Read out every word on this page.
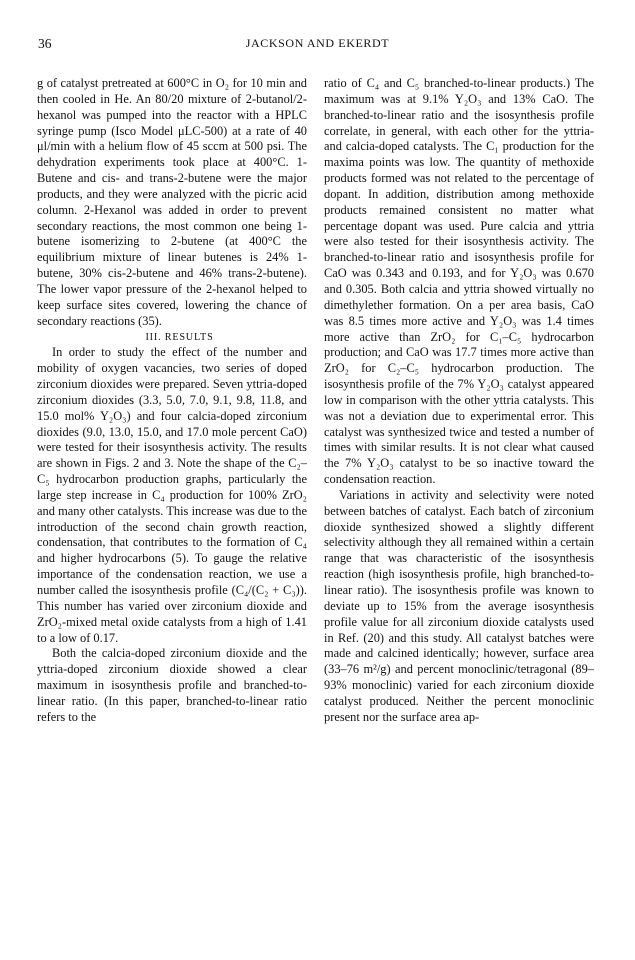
36	JACKSON AND EKERDT

g of catalyst pretreated at 600°C in O₂ for 10 min and then cooled in He. An 80/20 mixture of 2-butanol/2-hexanol was pumped into the reactor with a HPLC syringe pump (Isco Model μLC-500) at a rate of 40 μl/min with a helium flow of 45 sccm at 500 psi. The dehydration experiments took place at 400°C. 1-Butene and cis- and trans-2-butene were the major products, and they were analyzed with the picric acid column. 2-Hexanol was added in order to prevent secondary reactions, the most common one being 1-butene isomerizing to 2-butene (at 400°C the equilibrium mixture of linear butenes is 24% 1-butene, 30% cis-2-butene and 46% trans-2-butene). The lower vapor pressure of the 2-hexanol helped to keep surface sites covered, lowering the chance of secondary reactions (35).

III. RESULTS

In order to study the effect of the number and mobility of oxygen vacancies, two series of doped zirconium dioxides were prepared. Seven yttria-doped zirconium dioxides (3.3, 5.0, 7.0, 9.1, 9.8, 11.8, and 15.0 mol% Y₂O₃) and four calcia-doped zirconium dioxides (9.0, 13.0, 15.0, and 17.0 mole percent CaO) were tested for their isosynthesis activity. The results are shown in Figs. 2 and 3. Note the shape of the C₂–C₅ hydrocarbon production graphs, particularly the large step increase in C₄ production for 100% ZrO₂ and many other catalysts. This increase was due to the introduction of the second chain growth reaction, condensation, that contributes to the formation of C₄ and higher hydrocarbons (5). To gauge the relative importance of the condensation reaction, we use a number called the isosynthesis profile (C₄/(C₂ + C₃)). This number has varied over zirconium dioxide and ZrO₂-mixed metal oxide catalysts from a high of 1.41 to a low of 0.17.

Both the calcia-doped zirconium dioxide and the yttria-doped zirconium dioxide showed a clear maximum in isosynthesis profile and branched-to-linear ratio. (In this paper, branched-to-linear ratio refers to the

ratio of C₄ and C₅ branched-to-linear products.) The maximum was at 9.1% Y₂O₃ and 13% CaO. The branched-to-linear ratio and the isosynthesis profile correlate, in general, with each other for the yttria- and calcia-doped catalysts. The C₁ production for the maxima points was low. The quantity of methoxide products formed was not related to the percentage of dopant. In addition, distribution among methoxide products remained consistent no matter what percentage dopant was used. Pure calcia and yttria were also tested for their isosynthesis activity. The branched-to-linear ratio and isosynthesis profile for CaO was 0.343 and 0.193, and for Y₂O₃ was 0.670 and 0.305. Both calcia and yttria showed virtually no dimethylether formation. On a per area basis, CaO was 8.5 times more active and Y₂O₃ was 1.4 times more active than ZrO₂ for C₁–C₅ hydrocarbon production; and CaO was 17.7 times more active than ZrO₂ for C₂–C₅ hydrocarbon production. The isosynthesis profile of the 7% Y₂O₃ catalyst appeared low in comparison with the other yttria catalysts. This was not a deviation due to experimental error. This catalyst was synthesized twice and tested a number of times with similar results. It is not clear what caused the 7% Y₂O₃ catalyst to be so inactive toward the condensation reaction.

Variations in activity and selectivity were noted between batches of catalyst. Each batch of zirconium dioxide synthesized showed a slightly different selectivity although they all remained within a certain range that was characteristic of the isosynthesis reaction (high isosynthesis profile, high branched-to-linear ratio). The isosynthesis profile was known to deviate up to 15% from the average isosynthesis profile value for all zirconium dioxide catalysts used in Ref. (20) and this study. All catalyst batches were made and calcined identically; however, surface area (33–76 m²/g) and percent monoclinic/tetragonal (89–93% monoclinic) varied for each zirconium dioxide catalyst produced. Neither the percent monoclinic present nor the surface area ap-
